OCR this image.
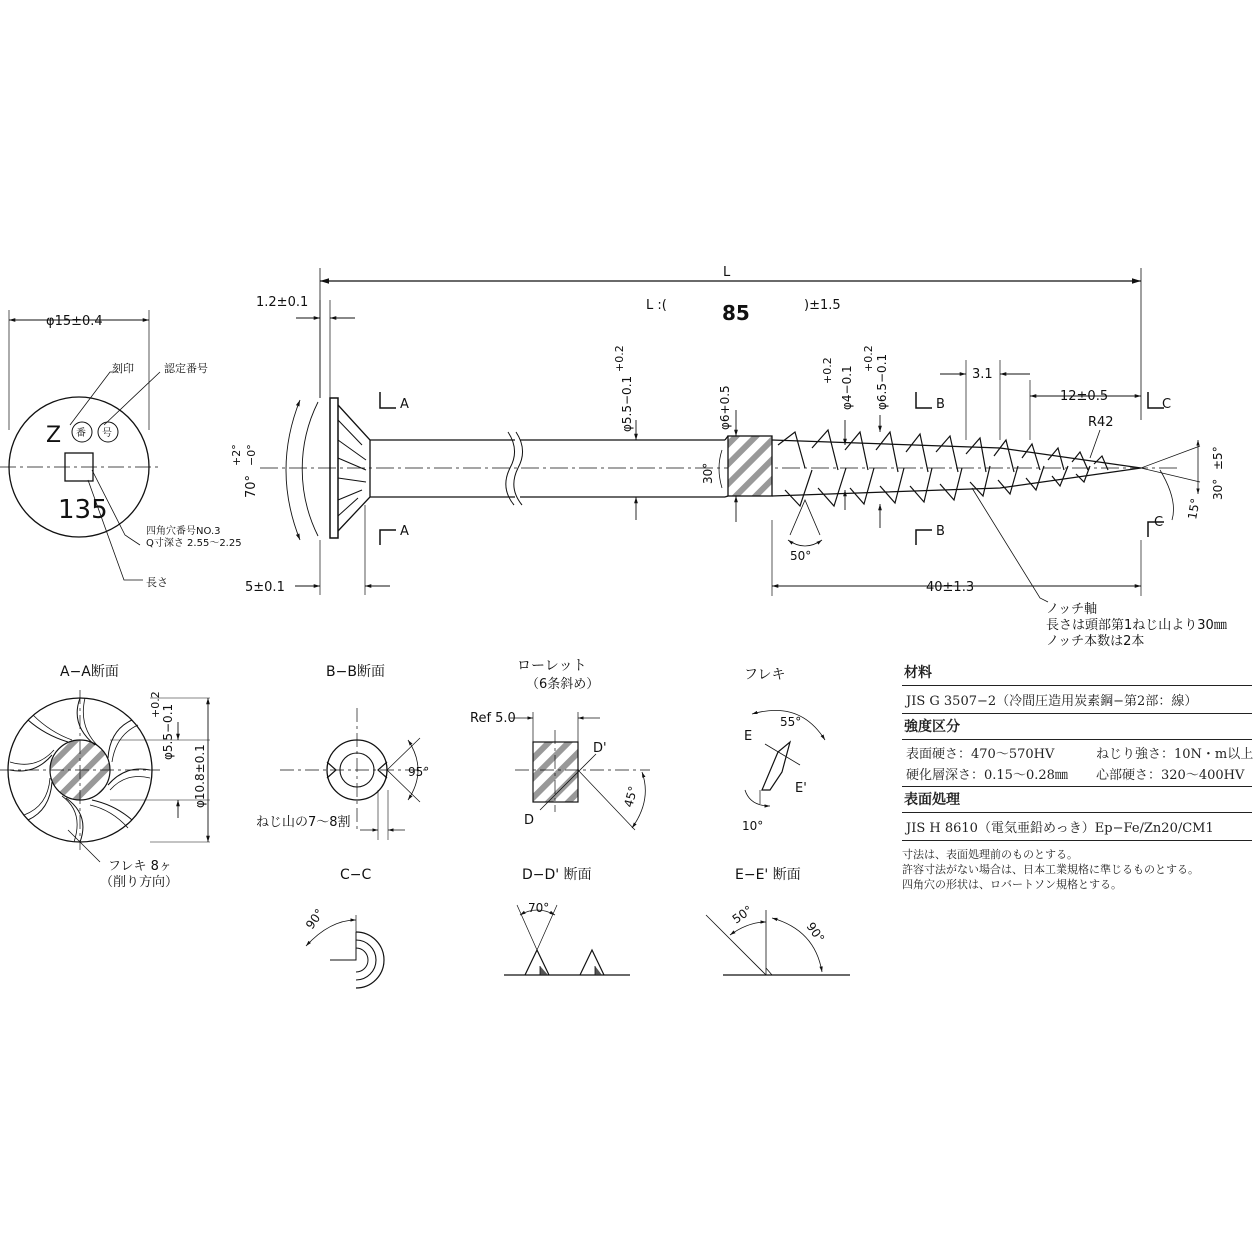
L
L :(	85	)±1.5
1.2±0.1
φ5.5−0.1
+0.2
φ6+0.5	φ4−0.1
+0.2	φ6.5−0.1
+0.2
3.1
12±0.5
R42
70°
+2° −0°
30°
50°
30°
±5°
15°
5±0.1	40±1.3
A
A
B
B
C
C
ノッチ軸
長さは頭部第1ねじ山より30㎜
ノッチ本数は2本
φ15±0.4
刻印	認定番号
Z 番 号
135
四角穴番号NO.3
Q寸深さ 2.55〜2.25
長さ
A−A断面
φ5.5−0.1
+0.2
φ10.8±0.1
フレキ 8ヶ
（削り方向）
B−B断面
95°
ねじ山の7〜8割
ローレット
（6条斜め）
Ref 5.0
D
D'
45°
フレキ
55°
10°
E
E'
C−C
90°
D−D' 断面
70°
E−E' 断面
50°
90°
材料
JIS G 3507−2（冷間圧造用炭素鋼−第2部：線）
強度区分
表面硬さ：470〜570HV	ねじり強さ：10N・m以上
硬化層深さ：0.15〜0.28㎜	心部硬さ：320〜400HV
表面処理
JIS H 8610（電気亜鉛めっき）Ep−Fe/Zn20/CM1
寸法は、表面処理前のものとする。
許容寸法がない場合は、日本工業規格に準じるものとする。
四角穴の形状は、ロバートソン規格とする。
